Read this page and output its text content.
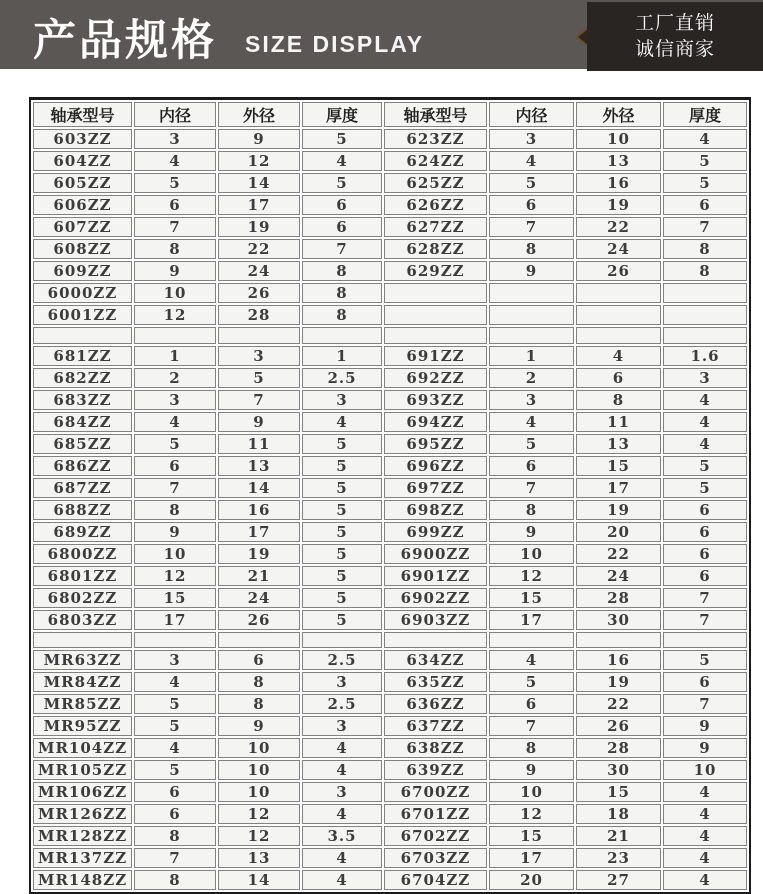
产品规格 SIZE DISPLAY
工厂直销
诚信商家
轴承型号	内径	外径	厚度	轴承型号	内径	外径	厚度
603ZZ	3	9	5	623ZZ	3	10	4
604ZZ	4	12	4	624ZZ	4	13	5
605ZZ	5	14	5	625ZZ	5	16	5
606ZZ	6	17	6	626ZZ	6	19	6
607ZZ	7	19	6	627ZZ	7	22	7
608ZZ	8	22	7	628ZZ	8	24	8
609ZZ	9	24	8	629ZZ	9	26	8
6000ZZ	10	26	8				
6001ZZ	12	28	8				

681ZZ	1	3	1	691ZZ	1	4	1.6
682ZZ	2	5	2.5	692ZZ	2	6	3
683ZZ	3	7	3	693ZZ	3	8	4
684ZZ	4	9	4	694ZZ	4	11	4
685ZZ	5	11	5	695ZZ	5	13	4
686ZZ	6	13	5	696ZZ	6	15	5
687ZZ	7	14	5	697ZZ	7	17	5
688ZZ	8	16	5	698ZZ	8	19	6
689ZZ	9	17	5	699ZZ	9	20	6
6800ZZ	10	19	5	6900ZZ	10	22	6
6801ZZ	12	21	5	6901ZZ	12	24	6
6802ZZ	15	24	5	6902ZZ	15	28	7
6803ZZ	17	26	5	6903ZZ	17	30	7

MR63ZZ	3	6	2.5	634ZZ	4	16	5
MR84ZZ	4	8	3	635ZZ	5	19	6
MR85ZZ	5	8	2.5	636ZZ	6	22	7
MR95ZZ	5	9	3	637ZZ	7	26	9
MR104ZZ	4	10	4	638ZZ	8	28	9
MR105ZZ	5	10	4	639ZZ	9	30	10
MR106ZZ	6	10	3	6700ZZ	10	15	4
MR126ZZ	6	12	4	6701ZZ	12	18	4
MR128ZZ	8	12	3.5	6702ZZ	15	21	4
MR137ZZ	7	13	4	6703ZZ	17	23	4
MR148ZZ	8	14	4	6704ZZ	20	27	4
